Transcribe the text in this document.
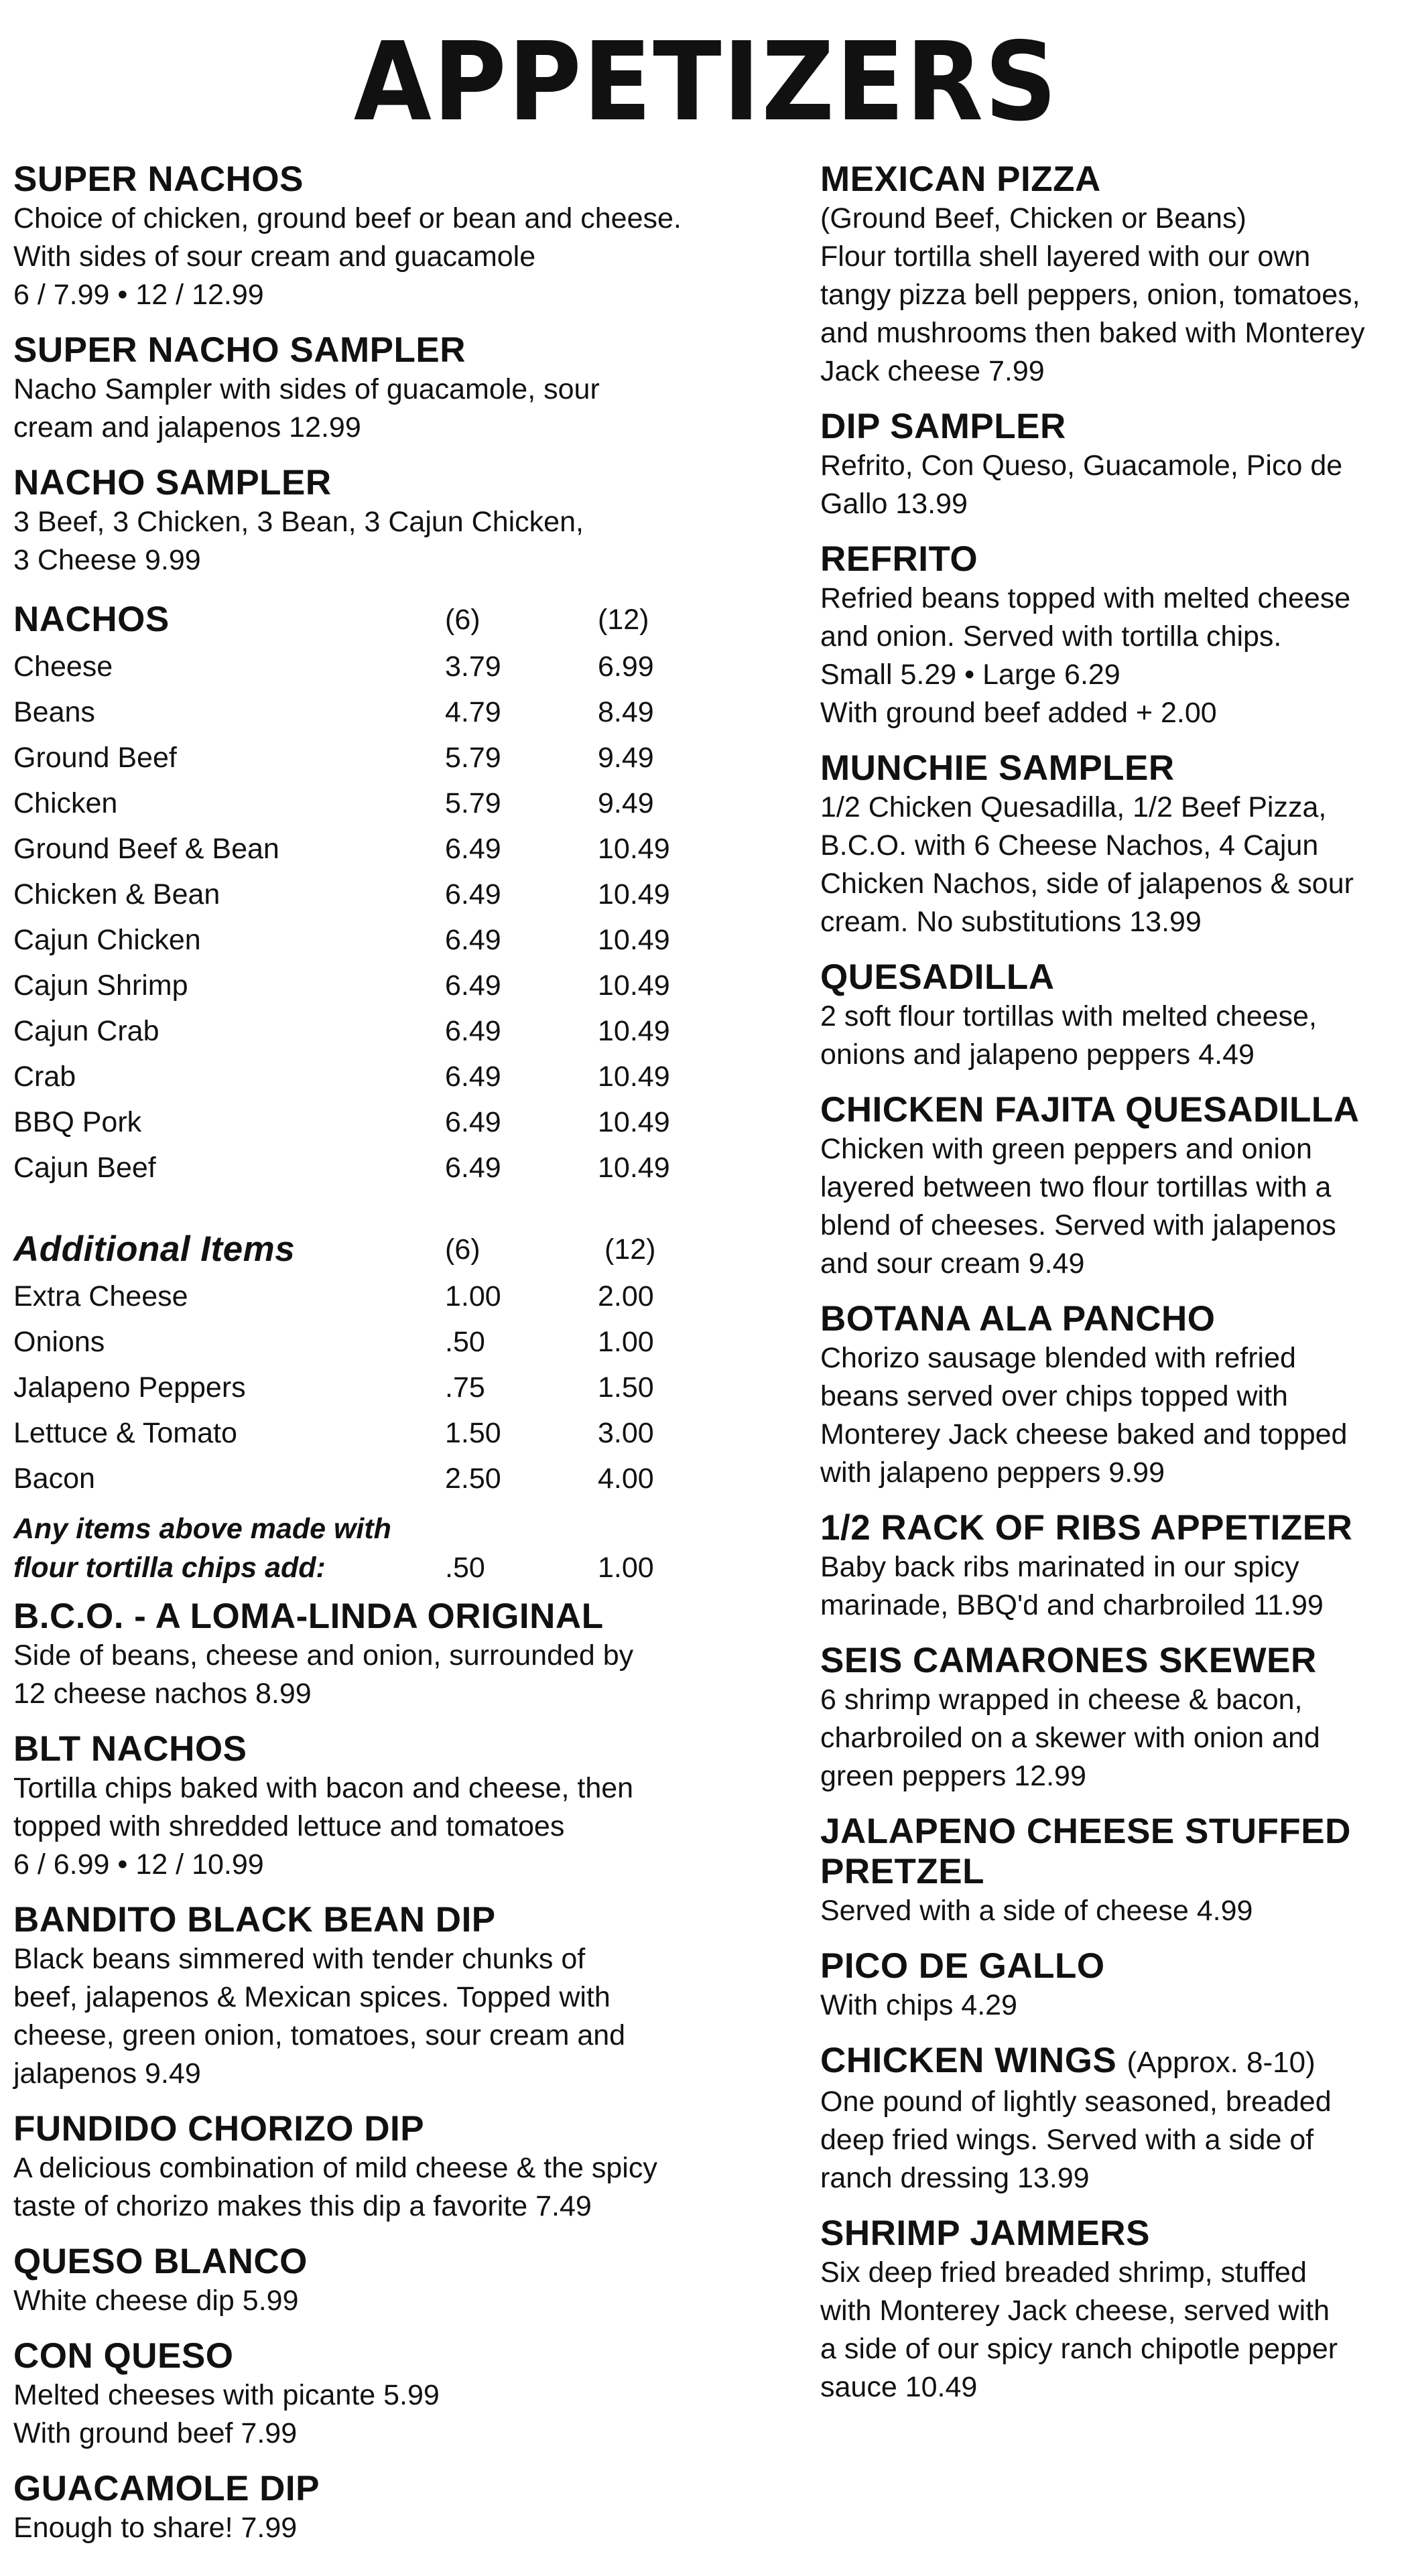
APPETIZERS
SUPER NACHOS
Choice of chicken, ground beef or bean and cheese.
With sides of sour cream and guacamole
6 / 7.99 • 12 / 12.99
SUPER NACHO SAMPLER
Nacho Sampler with sides of guacamole, sour
cream and jalapenos 12.99
NACHO SAMPLER
3 Beef, 3 Chicken, 3 Bean, 3 Cajun Chicken,
3 Cheese 9.99
NACHOS	(6)	(12)
Cheese	3.79	6.99
Beans	4.79	8.49
Ground Beef	5.79	9.49
Chicken	5.79	9.49
Ground Beef & Bean	6.49	10.49
Chicken & Bean	6.49	10.49
Cajun Chicken	6.49	10.49
Cajun Shrimp	6.49	10.49
Cajun Crab	6.49	10.49
Crab	6.49	10.49
BBQ Pork	6.49	10.49
Cajun Beef	6.49	10.49
Additional Items	(6)	(12)
Extra Cheese	1.00	2.00
Onions	.50	1.00
Jalapeno Peppers	.75	1.50
Lettuce & Tomato	1.50	3.00
Bacon	2.50	4.00
Any items above made with
flour tortilla chips add:	.50	1.00
B.C.O. - A LOMA-LINDA ORIGINAL
Side of beans, cheese and onion, surrounded by
12 cheese nachos 8.99
BLT NACHOS
Tortilla chips baked with bacon and cheese, then
topped with shredded lettuce and tomatoes
6 / 6.99 • 12 / 10.99
BANDITO BLACK BEAN DIP
Black beans simmered with tender chunks of
beef, jalapenos & Mexican spices. Topped with
cheese, green onion, tomatoes, sour cream and
jalapenos 9.49
FUNDIDO CHORIZO DIP
A delicious combination of mild cheese & the spicy
taste of chorizo makes this dip a favorite 7.49
QUESO BLANCO
White cheese dip 5.99
CON QUESO
Melted cheeses with picante 5.99
With ground beef 7.99
GUACAMOLE DIP
Enough to share! 7.99
MEXICAN PIZZA
(Ground Beef, Chicken or Beans)
Flour tortilla shell layered with our own
tangy pizza bell peppers, onion, tomatoes,
and mushrooms then baked with Monterey
Jack cheese 7.99
DIP SAMPLER
Refrito, Con Queso, Guacamole, Pico de
Gallo 13.99
REFRITO
Refried beans topped with melted cheese
and onion. Served with tortilla chips.
Small 5.29 • Large 6.29
With ground beef added + 2.00
MUNCHIE SAMPLER
1/2 Chicken Quesadilla, 1/2 Beef Pizza,
B.C.O. with 6 Cheese Nachos, 4 Cajun
Chicken Nachos, side of jalapenos & sour
cream. No substitutions 13.99
QUESADILLA
2 soft flour tortillas with melted cheese,
onions and jalapeno peppers 4.49
CHICKEN FAJITA QUESADILLA
Chicken with green peppers and onion
layered between two flour tortillas with a
blend of cheeses. Served with jalapenos
and sour cream 9.49
BOTANA ALA PANCHO
Chorizo sausage blended with refried
beans served over chips topped with
Monterey Jack cheese baked and topped
with jalapeno peppers 9.99
1/2 RACK OF RIBS APPETIZER
Baby back ribs marinated in our spicy
marinade, BBQ'd and charbroiled 11.99
SEIS CAMARONES SKEWER
6 shrimp wrapped in cheese & bacon,
charbroiled on a skewer with onion and
green peppers 12.99
JALAPENO CHEESE STUFFED
PRETZEL
Served with a side of cheese 4.99
PICO DE GALLO
With chips 4.29
CHICKEN WINGS (Approx. 8-10)
One pound of lightly seasoned, breaded
deep fried wings. Served with a side of
ranch dressing 13.99
SHRIMP JAMMERS
Six deep fried breaded shrimp, stuffed
with Monterey Jack cheese, served with
a side of our spicy ranch chipotle pepper
sauce 10.49
